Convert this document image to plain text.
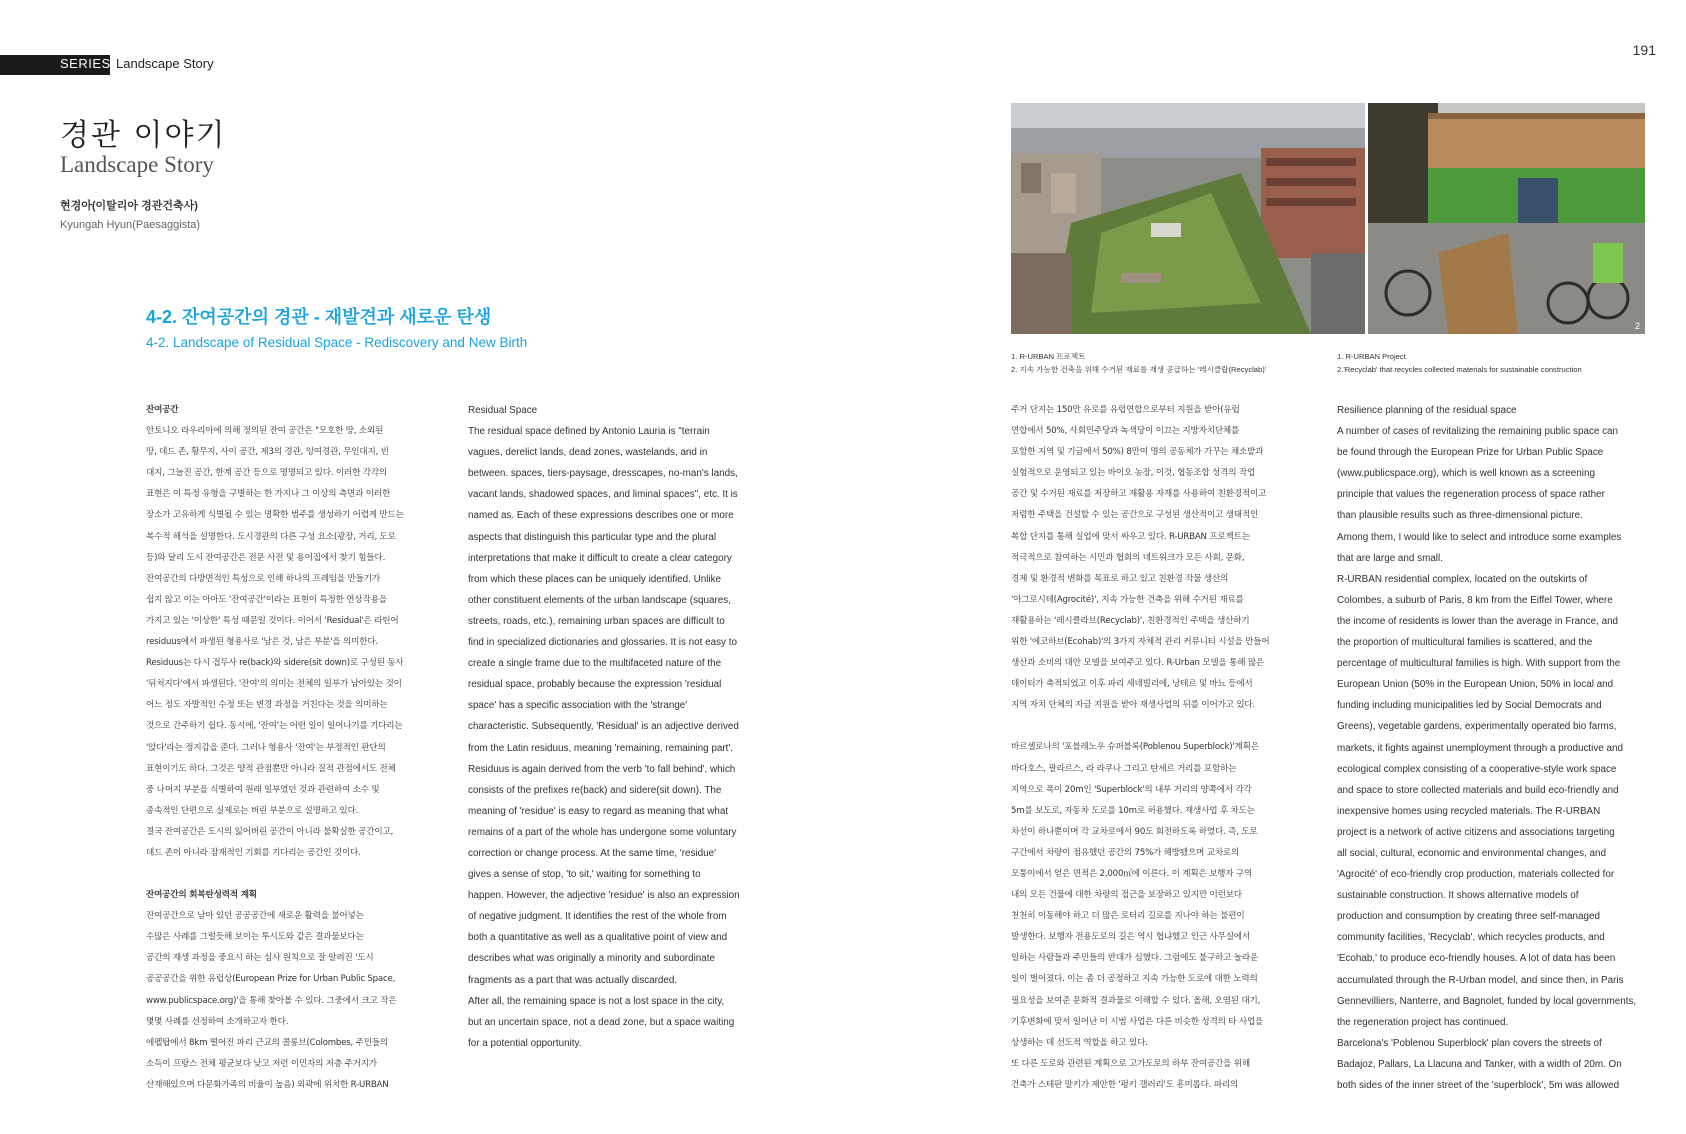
SERIES Landscape Story
191
경관 이야기
Landscape Story
현경아(이탈리아 경관건축사)
Kyungah Hyun(Paesaggista)
4-2. 잔여공간의 경관 - 재발견과 새로운 탄생
4-2. Landscape of Residual Space - Rediscovery and New Birth

잔여공간

안토니오 라우리아에 의해 정의된 잔여 공간은 "모호한 땅, 소외된

땅, 데드 존, 황무지, 사이 공간, 제3의 경관, 잉여경관, 무인대지, 빈

대지, 그늘진 공간, 한계 공간 등으로 명명되고 있다. 이러한 각각의

표현은 이 특정 유형을 구별하는 한 가지나 그 이상의 측면과 이러한

장소가 고유하게 식별될 수 있는 명확한 범주를 생성하기 어렵게 만드는

복수적 해석을 설명한다. 도시경관의 다른 구성 요소(광장, 거리, 도로

등)와 달리 도시 잔여공간은 전문 사전 및 용어집에서 찾기 힘들다.

잔여공간의 다방면적인 특성으로 인해 하나의 프레임을 만들기가

쉽지 않고 이는 아마도 '잔여공간'이라는 표현이 특정한 연상작용을

가지고 있는 '이상한' 특성 때문일 것이다. 이어서 'Residual'은 라틴어

residuus에서 파생된 형용사로 '남은 것, 남은 부분'을 의미한다.

Residuus는 다시 접두사 re(back)와 sidere(sit down)로 구성된 동사

'뒤처지다'에서 파생된다. '잔여'의 의미는 전체의 일부가 남아있는 것이

어느 정도 자발적인 수정 또는 변경 과정을 거친다는 것을 의미하는

것으로 간주하기 쉽다. 동시에, '잔여'는 어떤 일이 일어나기를 기다리는

'앉다'라는 정지감을 준다. 그러나 형용사 '잔여'는 부정적인 판단의

표현이기도 하다. 그것은 양적 관점뿐만 아니라 질적 관점에서도 전체

중 나머지 부분을 식별하여 원래 일부였던 것과 관련하여 소수 및

종속적인 단편으로 실제로는 버린 부분으로 설명하고 있다.

결국 잔여공간은 도시의 잃어버린 공간이 아니라 불확실한 공간이고,

데드 존이 아니라 잠재적인 기회를 기다리는 공간인 것이다.

잔여공간의 회복탄성력적 계획

잔여공간으로 남아 있던 공공공간에 새로운 활력을 불어넣는

수많은 사례를 그럴듯해 보이는 투시도와 같은 결과물보다는

공간의 재생 과정을 중요시 하는 심사 원칙으로 잘 알려진 '도시

공공공간을 위한 유럽상(European Prize for Urban Public Space,

www.publicspace.org)'을 통해 찾아볼 수 있다. 그중에서 크고 작은

몇몇 사례를 선정하여 소개하고자 한다.

에펠탑에서 8km 떨어진 파리 근교의 콜롱브(Colombes, 주민들의

소득이 프랑스 전체 평균보다 낮고 저런 이민자의 저층 주거지가

산재해있으며 다문화가족의 비율이 높음) 외곽에 위치한 R-URBAN

Residual Space

The residual space defined by Antonio Lauria is "terrain

vagues, derelict lands, dead zones, wastelands, and in

between. spaces, tiers-paysage, dresscapes, no-man's lands,

vacant lands, shadowed spaces, and liminal spaces", etc. It is

named as. Each of these expressions describes one or more

aspects that distinguish this particular type and the plural

interpretations that make it difficult to create a clear category

from which these places can be uniquely identified. Unlike

other constituent elements of the urban landscape (squares,

streets, roads, etc.), remaining urban spaces are difficult to

find in specialized dictionaries and glossaries. It is not easy to

create a single frame due to the multifaceted nature of the

residual space, probably because the expression 'residual

space' has a specific association with the 'strange'

characteristic. Subsequently, 'Residual' is an adjective derived

from the Latin residuus, meaning 'remaining, remaining part'.

Residuus is again derived from the verb 'to fall behind', which

consists of the prefixes re(back) and sidere(sit down). The

meaning of 'residue' is easy to regard as meaning that what

remains of a part of the whole has undergone some voluntary

correction or change process. At the same time, 'residue'

gives a sense of stop, 'to sit,' waiting for something to

happen. However, the adjective 'residue' is also an expression

of negative judgment. It identifies the rest of the whole from

both a quantitative as well as a qualitative point of view and

describes what was originally a minority and subordinate

fragments as a part that was actually discarded.

After all, the remaining space is not a lost space in the city,

but an uncertain space, not a dead zone, but a space waiting

for a potential opportunity.

2

1. R-URBAN 프로젝트

2. 지속 가능한 건축을 위해 수거된 재료를 재생 공급하는 '레시클랍(Recyclab)'

1. R-URBAN Project

2.'Recyclab' that recycles collected materials for sustainable construction

주거 단지는 150만 유로를 유럽연합으로부터 지원을 받아(유럽

연합에서 50%, 사회민주당과 녹색당이 이끄는 지방자치단체를

포함한 지역 및 기금에서 50%) 8만여 명의 공동체가 가꾸는 채소밭과

실험적으로 운영되고 있는 바이오 농장, 이것, 협동조합 성격의 작업

공간 및 수거된 재료를 저장하고 재활용 자재를 사용하여 친환경적이고

저렴한 주택을 건설할 수 있는 공간으로 구성된 생산적이고 생태적인

복합 단지를 통해 실업에 맞서 싸우고 있다. R-URBAN 프로젝트는

적극적으로 참여하는 시민과 협회의 네트워크가 모든 사회, 문화,

경제 및 환경적 변화를 목표로 하고 있고 친환경 작물 생산의

'아그로시테(Agrocité)', 지속 가능한 건축을 위해 수거된 재료를

재활용하는 '레시클라브(Recyclab)', 친환경적인 주택을 생산하기

위한 '에코하브(Ecohab)'의 3가지 자체적 관리 커뮤니티 시설을 만들어

생산과 소비의 대안 모델을 보여주고 있다. R-Urban 모델을 통해 많은

데이터가 축적되었고 이후 파리 세네빌리에, 낭테르 및 바뇨 등에서

지역 자치 단체의 자금 지원을 받아 재생사업의 뒤를 이어가고 있다.

바르셀로나의 '포블레노우 슈퍼블록(Poblenou Superblock)'계획은

바다호스, 팔라르스, 라 라쿠나 그리고 탄세르 거리를 포함하는

지역으로 폭이 20m인 'Superblock'의 내부 거리의 양쪽에서 각각

5m를 보도로, 자동차 도로를 10m로 허용했다. 재생사업 후 차도는

차선이 하나뿐이며 각 교차로에서 90도 회전하도록 하였다. 즉, 도로

구간에서 차량이 점유했던 공간의 75%가 해방됐으며 교차로의

모퉁이에서 얻은 면적은 2,000㎡에 이른다. 이 계획은 보행자 구역

내의 모든 건물에 대한 차량의 접근을 보장하고 있지만 이런보다

천천히 이동해야 하고 더 많은 로터리 길로를 지나야 하는 불편이

발생한다. 보행자 전용도로의 길은 역시 협냐했고 인근 사무실에서

일하는 사람들과 주민들의 반대가 심했다. 그럼에도 불구하고 놀라운

일이 벌어졌다. 이는 좀 더 공정하고 지속 가능한 도로에 대한 노력의

필요성을 보여준 문화적 결과물로 이해할 수 있다. 올해, 오염된 대기,

기후변화에 맞서 일어난 이 시범 사업은 다른 비슷한 성격의 타 사업을

상생하는 데 선도적 역할을 하고 있다.

또 다른 도로와 관련된 계획으로 고가도로의 하부 잔여공간을 위해

건축가 스테판 말키가 제안한 '펑키 갤러리'도 흥미롭다. 파리의

Resilience planning of the residual space

A number of cases of revitalizing the remaining public space can

be found through the European Prize for Urban Public Space

(www.publicspace.org), which is well known as a screening

principle that values the regeneration process of space rather

than plausible results such as three-dimensional picture.

Among them, I would like to select and introduce some examples

that are large and small.

R-URBAN residential complex, located on the outskirts of

Colombes, a suburb of Paris, 8 km from the Eiffel Tower, where

the income of residents is lower than the average in France, and

the proportion of multicultural families is scattered, and the

percentage of multicultural families is high. With support from the

European Union (50% in the European Union, 50% in local and

funding including municipalities led by Social Democrats and

Greens), vegetable gardens, experimentally operated bio farms,

markets, it fights against unemployment through a productive and

ecological complex consisting of a cooperative-style work space

and space to store collected materials and build eco-friendly and

inexpensive homes using recycled materials. The R-URBAN

project is a network of active citizens and associations targeting

all social, cultural, economic and environmental changes, and

'Agrocité' of eco-friendly crop production, materials collected for

sustainable construction. It shows alternative models of

production and consumption by creating three self-managed

community facilities, 'Recyclab', which recycles products, and

'Ecohab,' to produce eco-friendly houses. A lot of data has been

accumulated through the R-Urban model, and since then, in Paris

Gennevilliers, Nanterre, and Bagnolet, funded by local governments,

the regeneration project has continued.

Barcelona's 'Poblenou Superblock' plan covers the streets of

Badajoz, Pallars, La Llacuna and Tanker, with a width of 20m. On

both sides of the inner street of the 'superblock', 5m was allowed
